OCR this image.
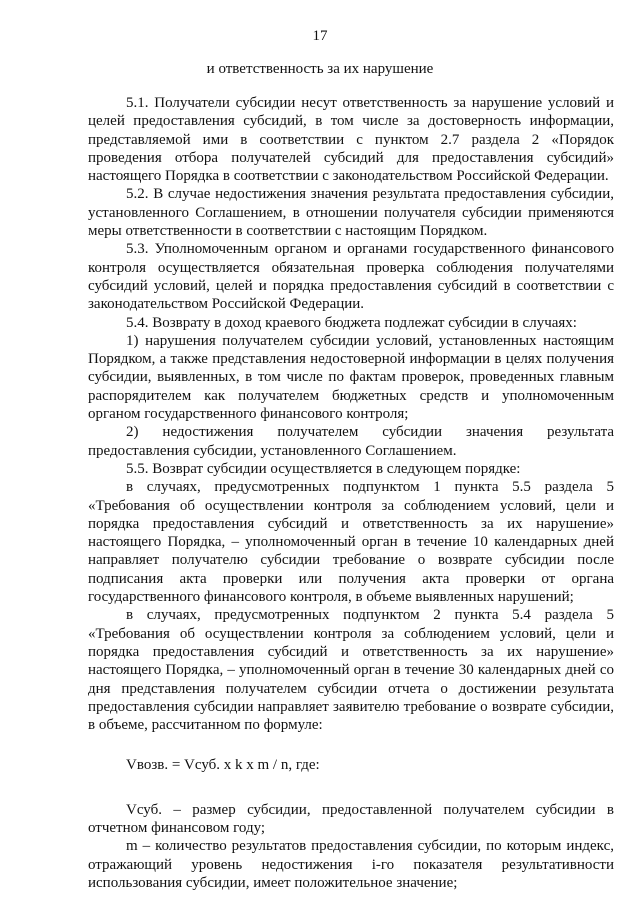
17
и ответственность за их нарушение

5.1. Получатели субсидии несут ответственность за нарушение условий и целей предоставления субсидий, в том числе за достоверность информации, представляемой ими в соответствии с пунктом 2.7 раздела 2 «Порядок проведения отбора получателей субсидий для предоставления субсидий» настоящего Порядка в соответствии с законодательством Российской Федерации.

5.2. В случае недостижения значения результата предоставления субсидии, установленного Соглашением, в отношении получателя субсидии применяются меры ответственности в соответствии с настоящим Порядком.

5.3. Уполномоченным органом и органами государственного финансового контроля осуществляется обязательная проверка соблюдения получателями субсидий условий, целей и порядка предоставления субсидий в соответствии с законодательством Российской Федерации.

5.4. Возврату в доход краевого бюджета подлежат субсидии в случаях:

1) нарушения получателем субсидии условий, установленных настоящим Порядком, а также представления недостоверной информации в целях получения субсидии, выявленных, в том числе по фактам проверок, проведенных главным распорядителем как получателем бюджетных средств и уполномоченным органом государственного финансового контроля;

2) недостижения получателем субсидии значения результата предоставления субсидии, установленного Соглашением.

5.5. Возврат субсидии осуществляется в следующем порядке:

в случаях, предусмотренных подпунктом 1 пункта 5.5 раздела 5 «Требования об осуществлении контроля за соблюдением условий, цели и порядка предоставления субсидий и ответственность за их нарушение» настоящего Порядка, – уполномоченный орган в течение 10 календарных дней направляет получателю субсидии требование о возврате субсидии после подписания акта проверки или получения акта проверки от органа государственного финансового контроля, в объеме выявленных нарушений;

в случаях, предусмотренных подпунктом 2 пункта 5.4 раздела 5 «Требования об осуществлении контроля за соблюдением условий, цели и порядка предоставления субсидий и ответственность за их нарушение» настоящего Порядка, – уполномоченный орган в течение 30 календарных дней со дня представления получателем субсидии отчета о достижении результата предоставления субсидии направляет заявителю требование о возврате субсидии, в объеме, рассчитанном по формуле:

Vвозв. = Vсуб. x k x m / n, где:

Vсуб. – размер субсидии, предоставленной получателем субсидии в отчетном финансовом году;

m – количество результатов предоставления субсидии, по которым индекс, отражающий уровень недостижения i-го показателя результативности использования субсидии, имеет положительное значение;
